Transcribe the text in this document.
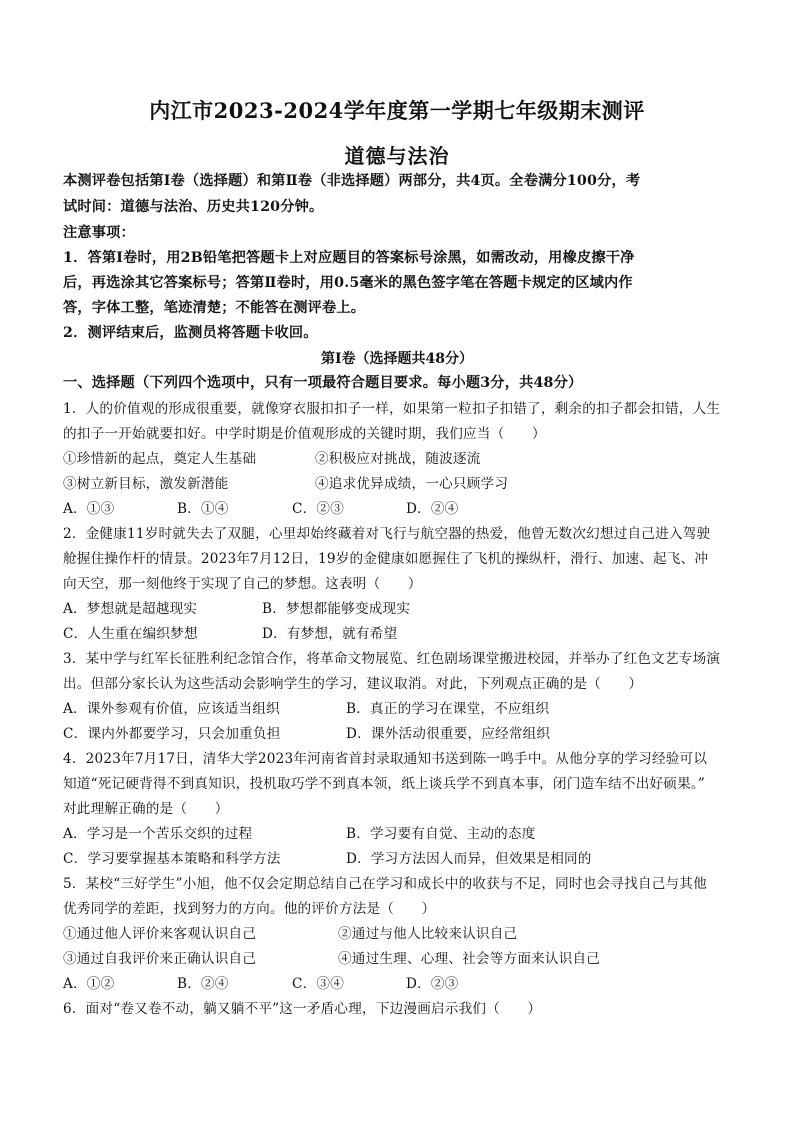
内江市2023-2024学年度第一学期七年级期末测评
道德与法治
本测评卷包括第Ⅰ卷（选择题）和第Ⅱ卷（非选择题）两部分，共4页。全卷满分100分，考
试时间：道德与法治、历史共120分钟。
注意事项：
1．答第Ⅰ卷时，用2B铅笔把答题卡上对应题目的答案标号涂黑，如需改动，用橡皮擦干净
后，再选涂其它答案标号；答第Ⅱ卷时，用0.5毫米的黑色签字笔在答题卡规定的区域内作
答，字体工整，笔迹清楚；不能答在测评卷上。
2．测评结束后，监测员将答题卡收回。
第Ⅰ卷（选择题共48分）
一、选择题（下列四个选项中，只有一项最符合题目要求。每小题3分，共48分）
1．人的价值观的形成很重要，就像穿衣服扣扣子一样，如果第一粒扣子扣错了，剩余的扣子都会扣错，人生
的扣子一开始就要扣好。中学时期是价值观形成的关键时期，我们应当（　　）
①珍惜新的起点，奠定人生基础	②积极应对挑战，随波逐流
③树立新目标，激发新潜能	④追求优异成绩，一心只顾学习
A．①③	B．①④	C．②③	D．②④
2．金健康11岁时就失去了双腿，心里却始终藏着对飞行与航空器的热爱，他曾无数次幻想过自己进入驾驶
舱握住操作杆的情景。2023年7月12日，19岁的金健康如愿握住了飞机的操纵杆，滑行、加速、起飞、冲
向天空，那一刻他终于实现了自己的梦想。这表明（　　）
A．梦想就是超越现实	B．梦想都能够变成现实
C．人生重在编织梦想	D．有梦想，就有希望
3．某中学与红军长征胜利纪念馆合作，将革命文物展览、红色剧场课堂搬进校园，并举办了红色文艺专场演
出。但部分家长认为这些活动会影响学生的学习，建议取消。对此，下列观点正确的是（　　）
A．课外参观有价值，应该适当组织	B．真正的学习在课堂，不应组织
C．课内外都要学习，只会加重负担	D．课外活动很重要，应经常组织
4．2023年7月17日，清华大学2023年河南省首封录取通知书送到陈一鸣手中。从他分享的学习经验可以
知道“死记硬背得不到真知识，投机取巧学不到真本领，纸上谈兵学不到真本事，闭门造车结不出好硕果。”
对此理解正确的是（　　）
A．学习是一个苦乐交织的过程	B．学习要有自觉、主动的态度
C．学习要掌握基本策略和科学方法	D．学习方法因人而异，但效果是相同的
5．某校“三好学生”小旭，他不仅会定期总结自己在学习和成长中的收获与不足，同时也会寻找自己与其他
优秀同学的差距，找到努力的方向。他的评价方法是（　　）
①通过他人评价来客观认识自己	②通过与他人比较来认识自己
③通过自我评价来正确认识自己	④通过生理、心理、社会等方面来认识自己
A．①②	B．②④	C．③④	D．②③
6．面对“卷又卷不动，躺又躺不平”这一矛盾心理，下边漫画启示我们（　　）
